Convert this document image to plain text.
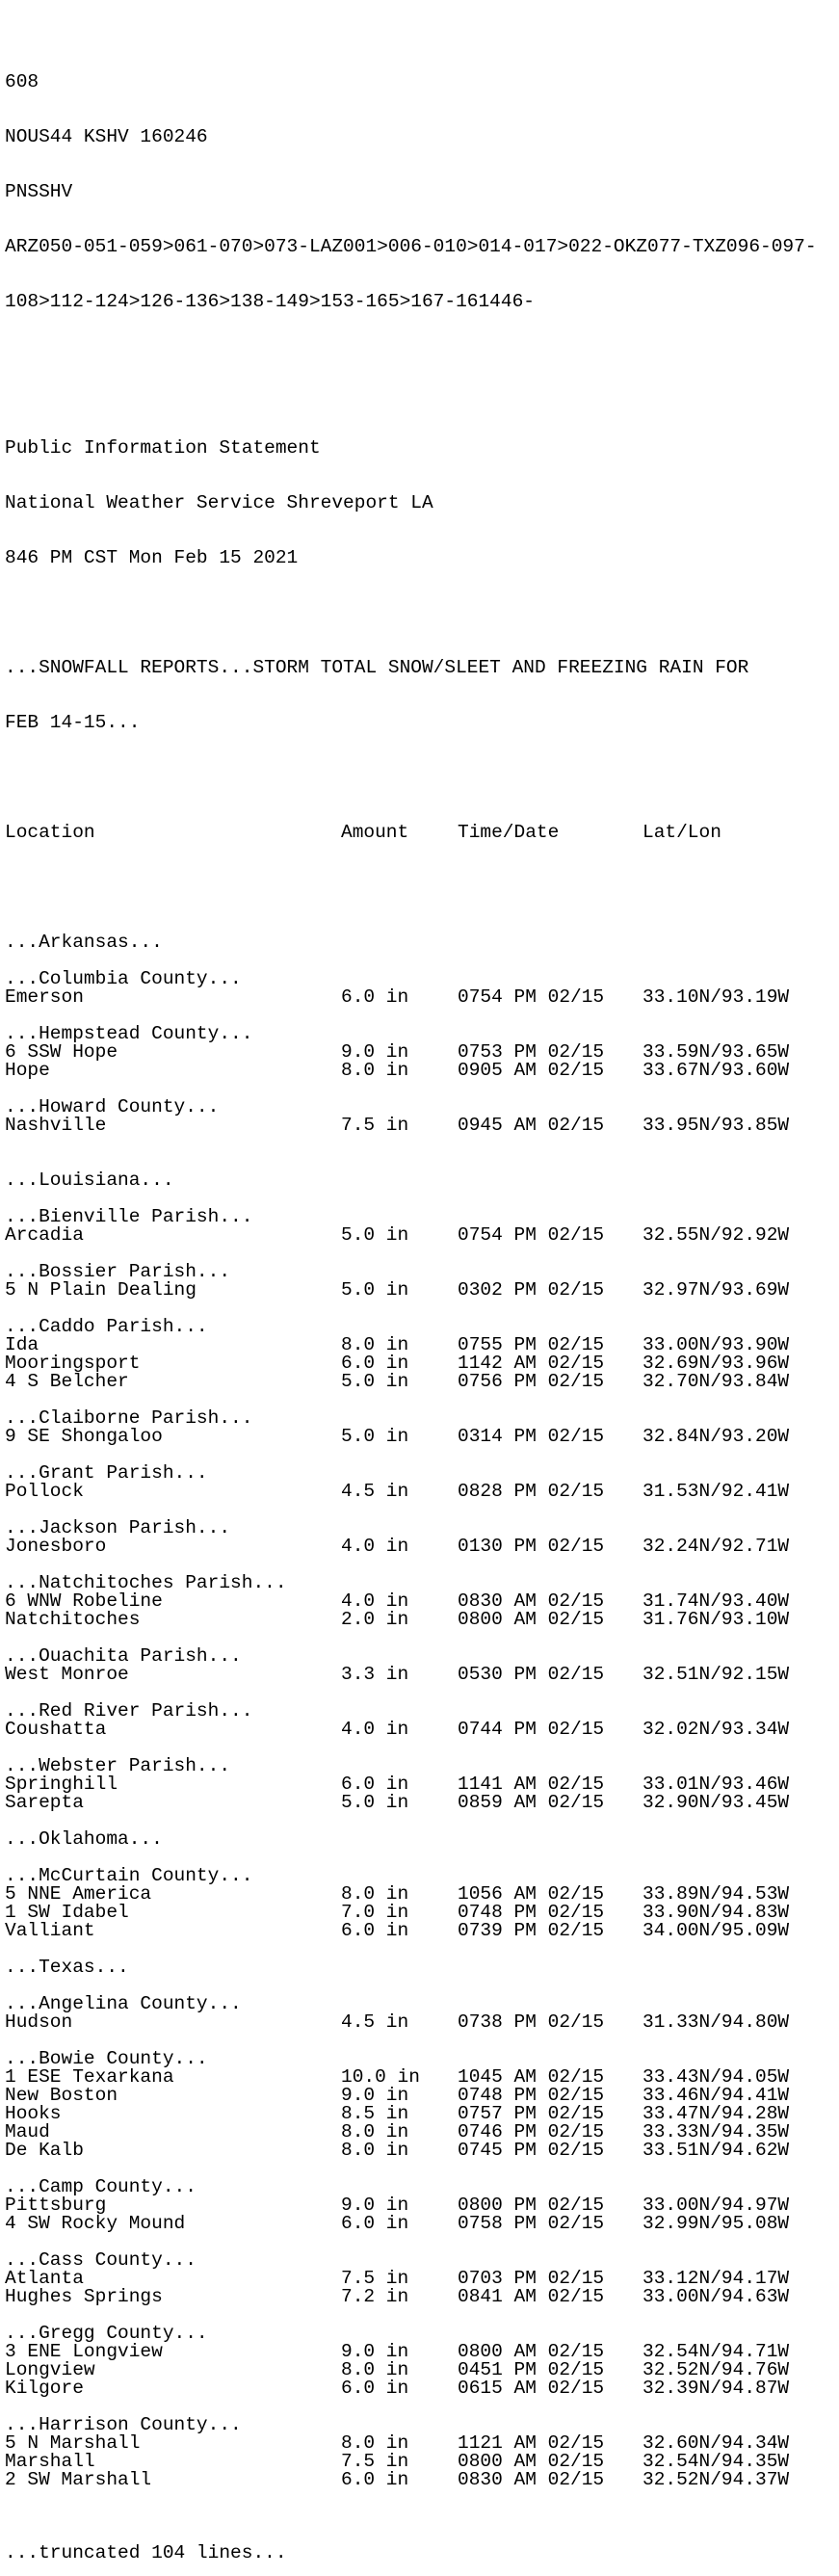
608

NOUS44 KSHV 160246

PNSSHV

ARZ050-051-059>061-070>073-LAZ001>006-010>014-017>022-OKZ077-TXZ096-097-

108>112-124>126-136>138-149>153-165>167-161446-

Public Information Statement

National Weather Service Shreveport LA

846 PM CST Mon Feb 15 2021

...SNOWFALL REPORTS...STORM TOTAL SNOW/SLEET AND FREEZING RAIN FOR

FEB 14-15...

Location	Amount	Time/Date	Lat/Lon

...Arkansas...
...Columbia County...
Emerson	6.0 in	0754 PM 02/15 33.10N/93.19W
...Hempstead County...
6 SSW Hope	9.0 in	0753 PM 02/15 33.59N/93.65W
Hope	8.0 in	0905 AM 02/15 33.67N/93.60W
...Howard County...
Nashville	7.5 in	0945 AM 02/15 33.95N/93.85W
...Louisiana...
...Bienville Parish...
Arcadia	5.0 in	0754 PM 02/15 32.55N/92.92W
...Bossier Parish...
5 N Plain Dealing	5.0 in	0302 PM 02/15 32.97N/93.69W
...Caddo Parish...
Ida	8.0 in	0755 PM 02/15 33.00N/93.90W
Mooringsport	6.0 in	1142 AM 02/15 32.69N/93.96W
4 S Belcher	5.0 in	0756 PM 02/15 32.70N/93.84W
...Claiborne Parish...
9 SE Shongaloo	5.0 in	0314 PM 02/15 32.84N/93.20W
...Grant Parish...
Pollock	4.5 in	0828 PM 02/15 31.53N/92.41W
...Jackson Parish...
Jonesboro	4.0 in	0130 PM 02/15 32.24N/92.71W
...Natchitoches Parish...
6 WNW Robeline	4.0 in	0830 AM 02/15 31.74N/93.40W
Natchitoches	2.0 in	0800 AM 02/15 31.76N/93.10W
...Ouachita Parish...
West Monroe	3.3 in	0530 PM 02/15 32.51N/92.15W
...Red River Parish...
Coushatta	4.0 in	0744 PM 02/15 32.02N/93.34W
...Webster Parish...
Springhill	6.0 in	1141 AM 02/15 33.01N/93.46W
Sarepta	5.0 in	0859 AM 02/15 32.90N/93.45W
...Oklahoma...
...McCurtain County...
5 NNE America	8.0 in	1056 AM 02/15 33.89N/94.53W
1 SW Idabel	7.0 in	0748 PM 02/15 33.90N/94.83W
Valliant	6.0 in	0739 PM 02/15 34.00N/95.09W
...Texas...
...Angelina County...
Hudson	4.5 in	0738 PM 02/15 31.33N/94.80W
...Bowie County...
1 ESE Texarkana	10.0 in 1045 AM 02/15 33.43N/94.05W
New Boston	9.0 in	0748 PM 02/15 33.46N/94.41W
Hooks	8.5 in	0757 PM 02/15 33.47N/94.28W
Maud	8.0 in	0746 PM 02/15 33.33N/94.35W
De Kalb	8.0 in	0745 PM 02/15 33.51N/94.62W
...Camp County...
Pittsburg	9.0 in	0800 PM 02/15 33.00N/94.97W
4 SW Rocky Mound	6.0 in	0758 PM 02/15 32.99N/95.08W
...Cass County...
Atlanta	7.5 in	0703 PM 02/15 33.12N/94.17W
Hughes Springs	7.2 in	0841 AM 02/15 33.00N/94.63W
...Gregg County...
3 ENE Longview	9.0 in	0800 AM 02/15 32.54N/94.71W
Longview	8.0 in	0451 PM 02/15 32.52N/94.76W
Kilgore	6.0 in	0615 AM 02/15 32.39N/94.87W
...Harrison County...
5 N Marshall	8.0 in	1121 AM 02/15 32.60N/94.34W
Marshall	7.5 in	0800 AM 02/15 32.54N/94.35W
2 SW Marshall	6.0 in	0830 AM 02/15 32.52N/94.37W

...truncated 104 lines...
